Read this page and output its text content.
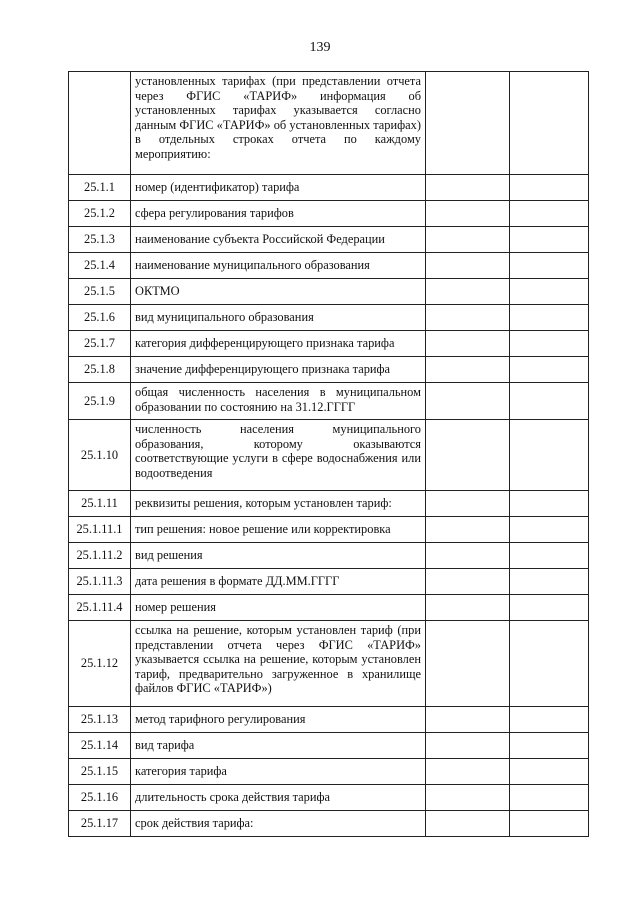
139
	установленных тарифах (при представлении отчета через ФГИС «ТАРИФ» информация об установленных тарифах указывается согласно данным ФГИС «ТАРИФ» об установленных тарифах) в отдельных строках отчета по каждому мероприятию:		
25.1.1	номер (идентификатор) тарифа		
25.1.2	сфера регулирования тарифов		
25.1.3	наименование субъекта Российской Федерации		
25.1.4	наименование муниципального образования		
25.1.5	ОКТМО		
25.1.6	вид муниципального образования		
25.1.7	категория дифференцирующего признака тарифа		
25.1.8	значение дифференцирующего признака тарифа		
25.1.9	общая численность населения в муниципальном образовании по состоянию на 31.12.ГГГГ		
25.1.10	численность населения муниципального образования, которому оказываются соответствующие услуги в сфере водоснабжения или водоотведения		
25.1.11	реквизиты решения, которым установлен тариф:		
25.1.11.1	тип решения: новое решение или корректировка		
25.1.11.2	вид решения		
25.1.11.3	дата решения в формате ДД.ММ.ГГГГ		
25.1.11.4	номер решения		
25.1.12	ссылка на решение, которым установлен тариф (при представлении отчета через ФГИС «ТАРИФ» указывается ссылка на решение, которым установлен тариф, предварительно загруженное в хранилище файлов ФГИС «ТАРИФ»)		
25.1.13	метод тарифного регулирования		
25.1.14	вид тарифа		
25.1.15	категория тарифа		
25.1.16	длительность срока действия тарифа		
25.1.17	срок действия тарифа:		
